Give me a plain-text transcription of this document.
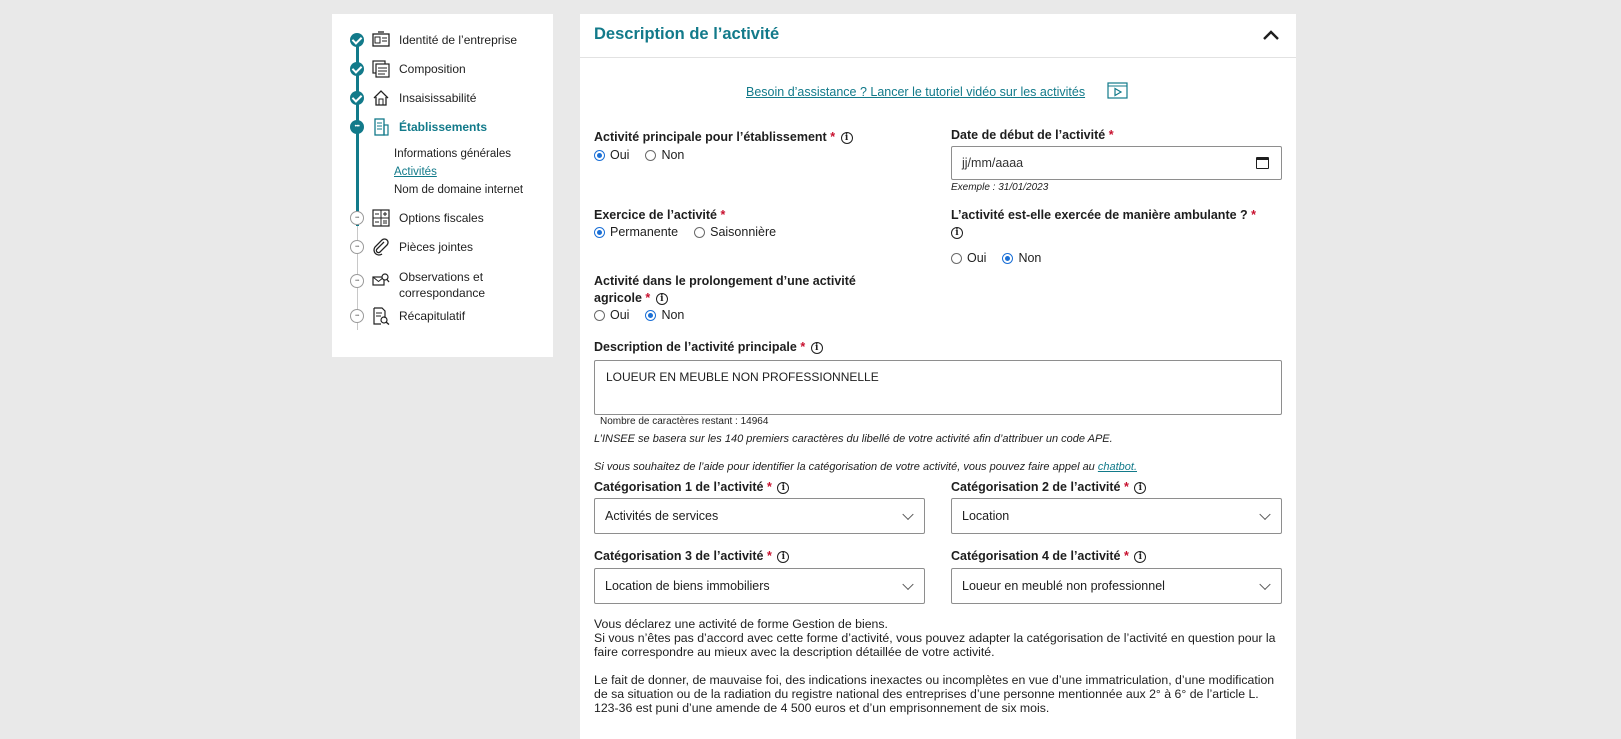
Identité de l’entreprise
Composition
Insaisissabilité
•••
Établissements
Informations générales
Activités
Nom de domaine internet
•••
Options fiscales
•••
Pièces jointes
•••
Observations et correspondance
•••
Récapitulatif
Description de l’activité
Besoin d’assistance ? Lancer le tutoriel vidéo sur les activités
Activité principale pour l’établissement * i
Oui	Non
Date de début de l’activité *
jj/mm/aaaa
Exemple : 31/01/2023
Exercice de l’activité *
Permanente	Saisonnière
L’activité est-elle exercée de manière ambulante ? *
i
Oui	Non
Activité dans le prolongement d’une activité
agricole * i
Oui	Non
Description de l’activité principale * i
LOUEUR EN MEUBLE NON PROFESSIONNELLE
Nombre de caractères restant : 14964
L’INSEE se basera sur les 140 premiers caractères du libellé de votre activité afin d’attribuer un code APE.
Si vous souhaitez de l’aide pour identifier la catégorisation de votre activité, vous pouvez faire appel au chatbot.
Catégorisation 1 de l’activité * i
Activités de services
Catégorisation 2 de l’activité * i
Location
Catégorisation 3 de l’activité * i
Location de biens immobiliers
Catégorisation 4 de l’activité * i
Loueur en meublé non professionnel
Vous déclarez une activité de forme Gestion de biens.
Si vous n’êtes pas d’accord avec cette forme d’activité, vous pouvez adapter la catégorisation de l’activité en question pour la faire correspondre au mieux avec la description détaillée de votre activité.
Le fait de donner, de mauvaise foi, des indications inexactes ou incomplètes en vue d’une immatriculation, d’une modification de sa situation ou de la radiation du registre national des entreprises d’une personne mentionnée aux 2° à 6° de l’article L. 123-36 est puni d’une amende de 4 500 euros et d’un emprisonnement de six mois.
